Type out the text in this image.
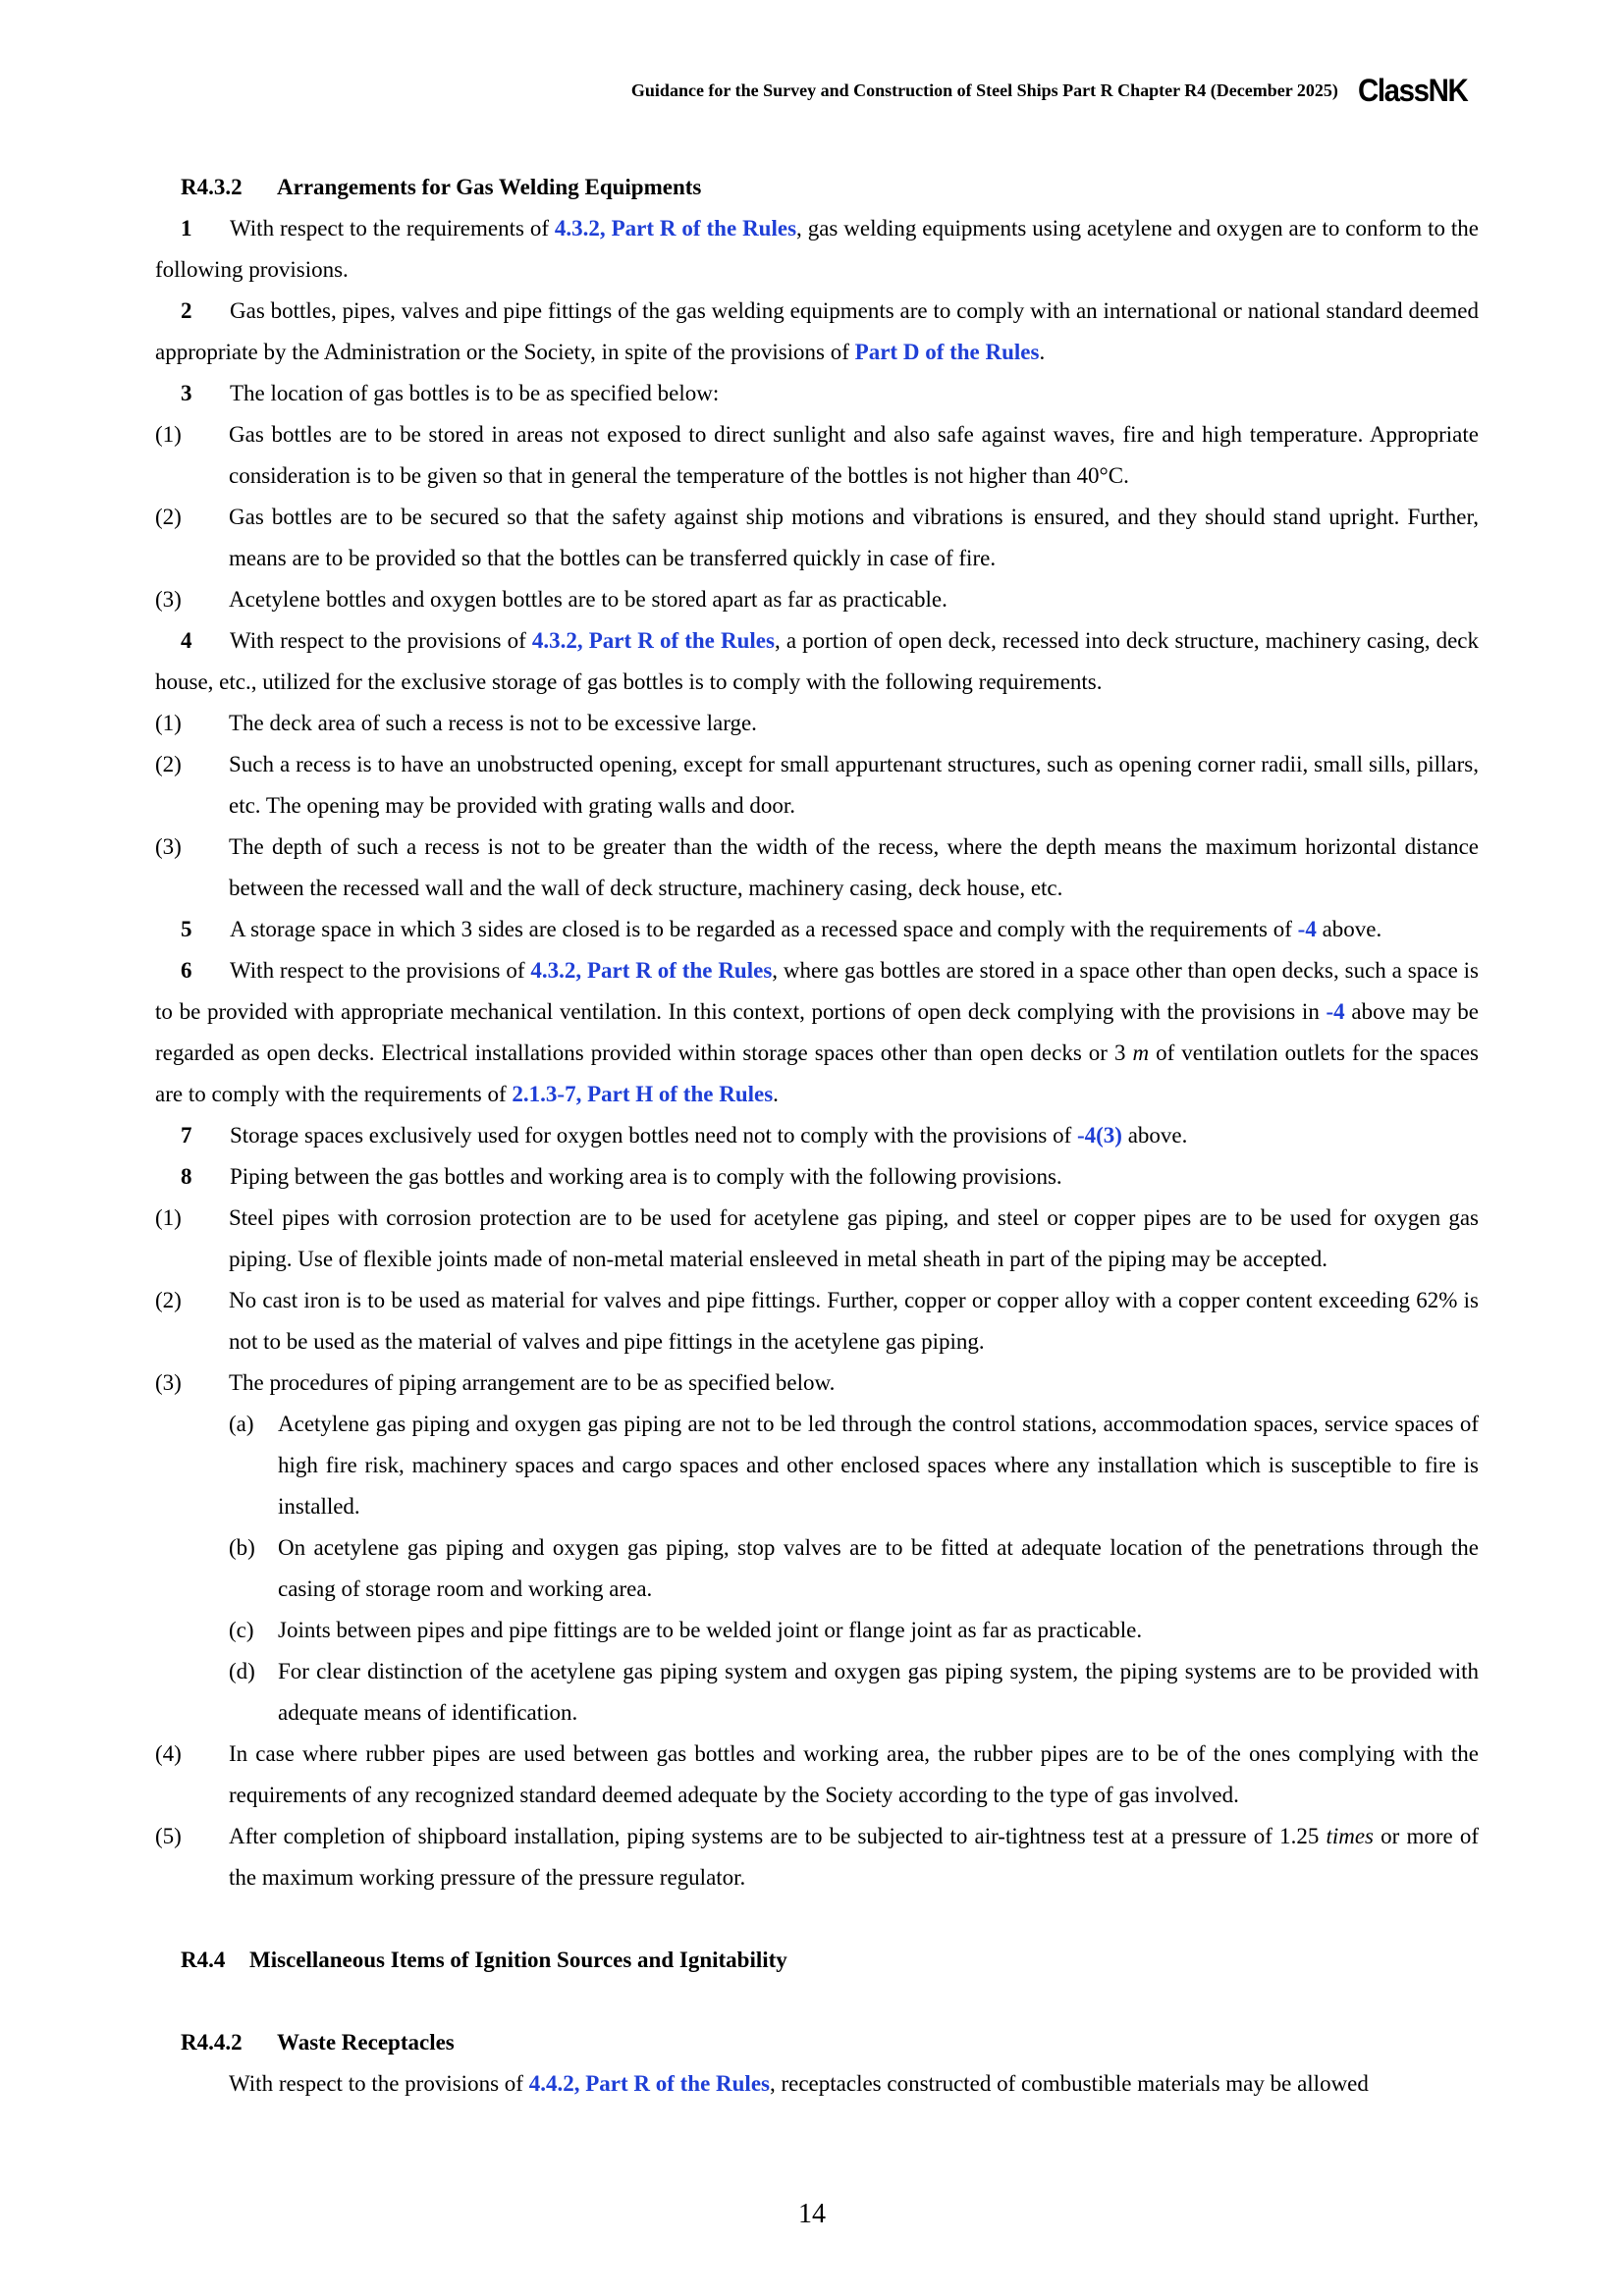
Guidance for the Survey and Construction of Steel Ships Part R Chapter R4 (December 2025) ClassNK
R4.3.2	Arrangements for Gas Welding Equipments
1 With respect to the requirements of 4.3.2, Part R of the Rules, gas welding equipments using acetylene and oxygen are to conform to the following provisions.
2 Gas bottles, pipes, valves and pipe fittings of the gas welding equipments are to comply with an international or national standard deemed appropriate by the Administration or the Society, in spite of the provisions of Part D of the Rules.
3 The location of gas bottles is to be as specified below:
(1)	Gas bottles are to be stored in areas not exposed to direct sunlight and also safe against waves, fire and high temperature. Appropriate consideration is to be given so that in general the temperature of the bottles is not higher than 40°C.
(2)	Gas bottles are to be secured so that the safety against ship motions and vibrations is ensured, and they should stand upright. Further, means are to be provided so that the bottles can be transferred quickly in case of fire.
(3)	Acetylene bottles and oxygen bottles are to be stored apart as far as practicable.
4 With respect to the provisions of 4.3.2, Part R of the Rules, a portion of open deck, recessed into deck structure, machinery casing, deck house, etc., utilized for the exclusive storage of gas bottles is to comply with the following requirements.
(1)	The deck area of such a recess is not to be excessive large.
(2)	Such a recess is to have an unobstructed opening, except for small appurtenant structures, such as opening corner radii, small sills, pillars, etc. The opening may be provided with grating walls and door.
(3)	The depth of such a recess is not to be greater than the width of the recess, where the depth means the maximum horizontal distance between the recessed wall and the wall of deck structure, machinery casing, deck house, etc.
5 A storage space in which 3 sides are closed is to be regarded as a recessed space and comply with the requirements of -4 above.
6 With respect to the provisions of 4.3.2, Part R of the Rules, where gas bottles are stored in a space other than open decks, such a space is to be provided with appropriate mechanical ventilation. In this context, portions of open deck complying with the provisions in -4 above may be regarded as open decks. Electrical installations provided within storage spaces other than open decks or 3 m of ventilation outlets for the spaces are to comply with the requirements of 2.1.3-7, Part H of the Rules.
7 Storage spaces exclusively used for oxygen bottles need not to comply with the provisions of -4(3) above.
8 Piping between the gas bottles and working area is to comply with the following provisions.
(1)	Steel pipes with corrosion protection are to be used for acetylene gas piping, and steel or copper pipes are to be used for oxygen gas piping. Use of flexible joints made of non-metal material ensleeved in metal sheath in part of the piping may be accepted.
(2)	No cast iron is to be used as material for valves and pipe fittings. Further, copper or copper alloy with a copper content exceeding 62% is not to be used as the material of valves and pipe fittings in the acetylene gas piping.
(3)	The procedures of piping arrangement are to be as specified below.
(a)	Acetylene gas piping and oxygen gas piping are not to be led through the control stations, accommodation spaces, service spaces of high fire risk, machinery spaces and cargo spaces and other enclosed spaces where any installation which is susceptible to fire is installed.
(b)	On acetylene gas piping and oxygen gas piping, stop valves are to be fitted at adequate location of the penetrations through the casing of storage room and working area.
(c)	Joints between pipes and pipe fittings are to be welded joint or flange joint as far as practicable.
(d)	For clear distinction of the acetylene gas piping system and oxygen gas piping system, the piping systems are to be provided with adequate means of identification.
(4)	In case where rubber pipes are used between gas bottles and working area, the rubber pipes are to be of the ones complying with the requirements of any recognized standard deemed adequate by the Society according to the type of gas involved.
(5)	After completion of shipboard installation, piping systems are to be subjected to air-tightness test at a pressure of 1.25 times or more of the maximum working pressure of the pressure regulator.
R4.4	Miscellaneous Items of Ignition Sources and Ignitability
R4.4.2	Waste Receptacles
With respect to the provisions of 4.4.2, Part R of the Rules, receptacles constructed of combustible materials may be allowed
14
